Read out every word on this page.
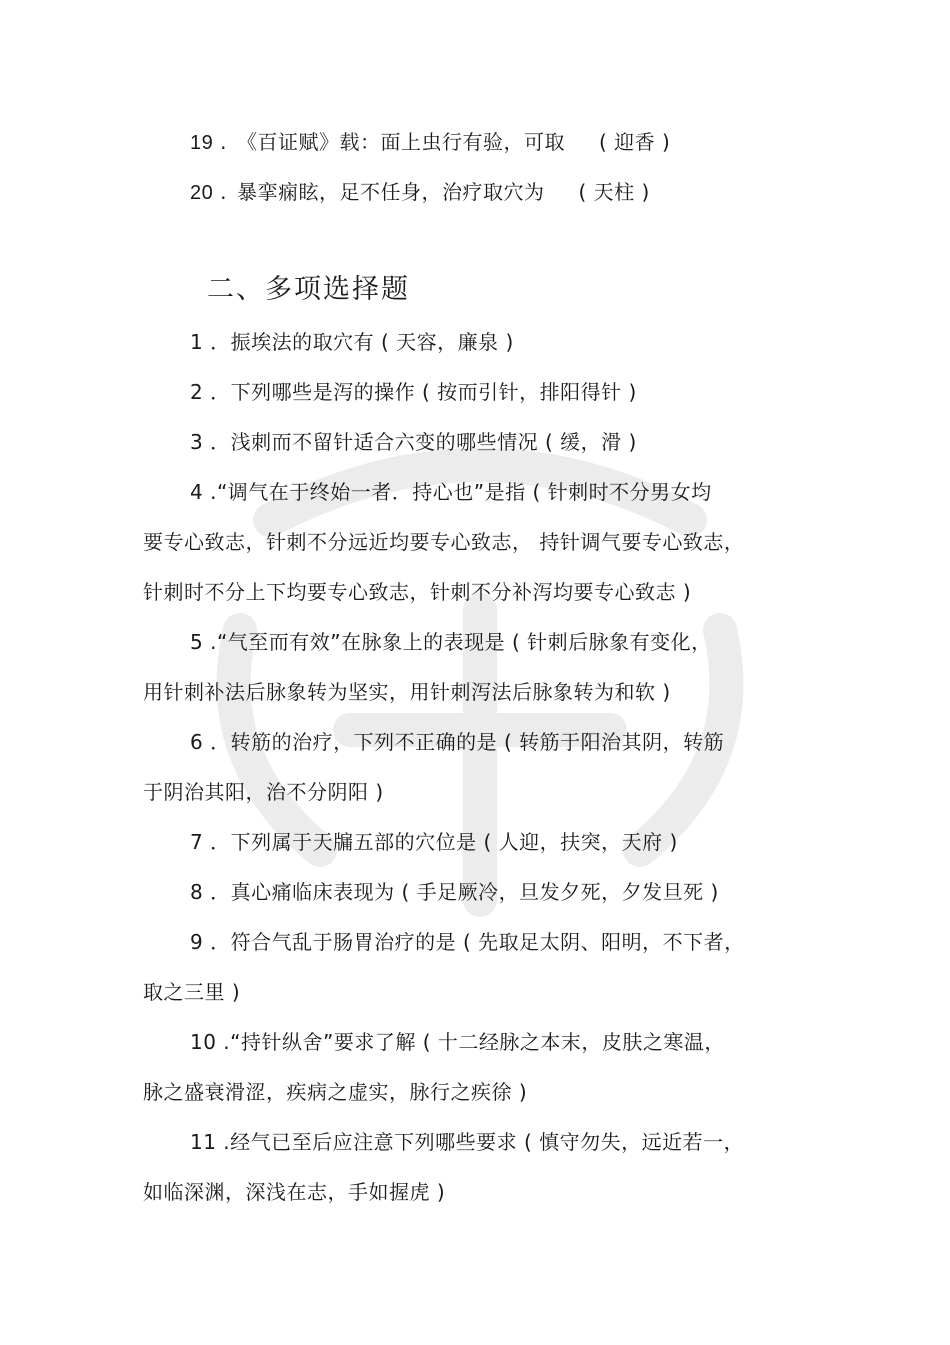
19 . 《百证赋》载：面上虫行有验，可取 ( 迎香 )
20 . 暴挛痫眩，足不任身，治疗取穴为 ( 天柱 )
二、多项选择题
1 ．振埃法的取穴有 ( 天容，廉泉 )
2 ．下列哪些是泻的操作 ( 按而引针，排阳得针 )
3 ．浅刺而不留针适合六变的哪些情况 ( 缓，滑 )
4 .“调气在于终始一者．持心也”是指 ( 针刺时不分男女均
要专心致志，针刺不分远近均要专心致志， 持针调气要专心致志，
针刺时不分上下均要专心致志，针刺不分补泻均要专心致志 )
5 .“气至而有效”在脉象上的表现是 ( 针刺后脉象有变化，
用针刺补法后脉象转为坚实，用针刺泻法后脉象转为和软 )
6 ．转筋的治疗，下列不正确的是 ( 转筋于阳治其阴，转筋
于阴治其阳，治不分阴阳 )
7 ．下列属于天牖五部的穴位是 ( 人迎，扶突，天府 )
8 ．真心痛临床表现为 ( 手足厥冷，旦发夕死，夕发旦死 )
9 ．符合气乱于肠胃治疗的是 ( 先取足太阴、阳明，不下者，
取之三里 )
10 .“持针纵舍”要求了解 ( 十二经脉之本末，皮肤之寒温，
脉之盛衰滑涩，疾病之虚实，脉行之疾徐 )
11 .经气已至后应注意下列哪些要求 ( 慎守勿失，远近若一，
如临深渊，深浅在志，手如握虎 )
